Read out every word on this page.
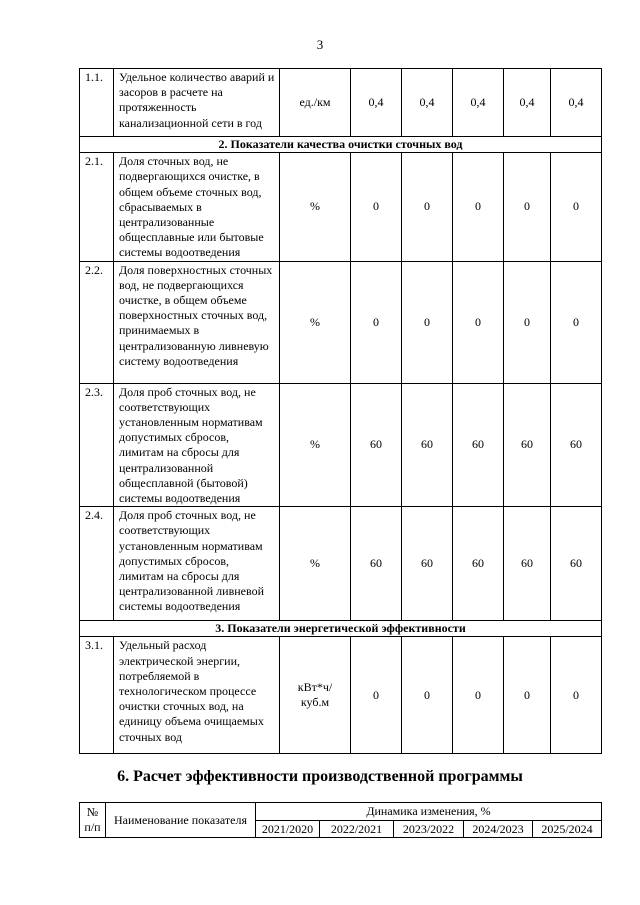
3
1.1.	Удельное количество аварий и засоров в расчете на протяженность канализационной сети в год	ед./км	0,4	0,4	0,4	0,4	0,4
2. Показатели качества очистки сточных вод							
2.1.	Доля сточных вод, не подвергающихся очистке, в общем объеме сточных вод, сбрасываемых в централизованные общесплавные или бытовые системы водоотведения	%	0	0	0	0	0
2.2.	Доля поверхностных сточных вод, не подвергающихся очистке, в общем объеме поверхностных сточных вод, принимаемых в централизованную ливневую систему водоотведения	%	0	0	0	0	0
2.3.	Доля проб сточных вод, не соответствующих установленным нормативам допустимых сбросов, лимитам на сбросы для централизованной общесплавной (бытовой) системы водоотведения	%	60	60	60	60	60
2.4.	Доля проб сточных вод, не соответствующих установленным нормативам допустимых сбросов, лимитам на сбросы для централизованной ливневой системы водоотведения	%	60	60	60	60	60
3. Показатели энергетической эффективности							
3.1.	Удельный расход электрической энергии, потребляемой в технологическом процессе очистки сточных вод, на единицу объема очищаемых сточных вод	кВт*ч/ куб.м	0	0	0	0	0
6. Расчет эффективности производственной программы
№ п/п	Наименование показателя	Динамика изменения, %				
		2021/2020	2022/2021	2023/2022	2024/2023	2025/2024
